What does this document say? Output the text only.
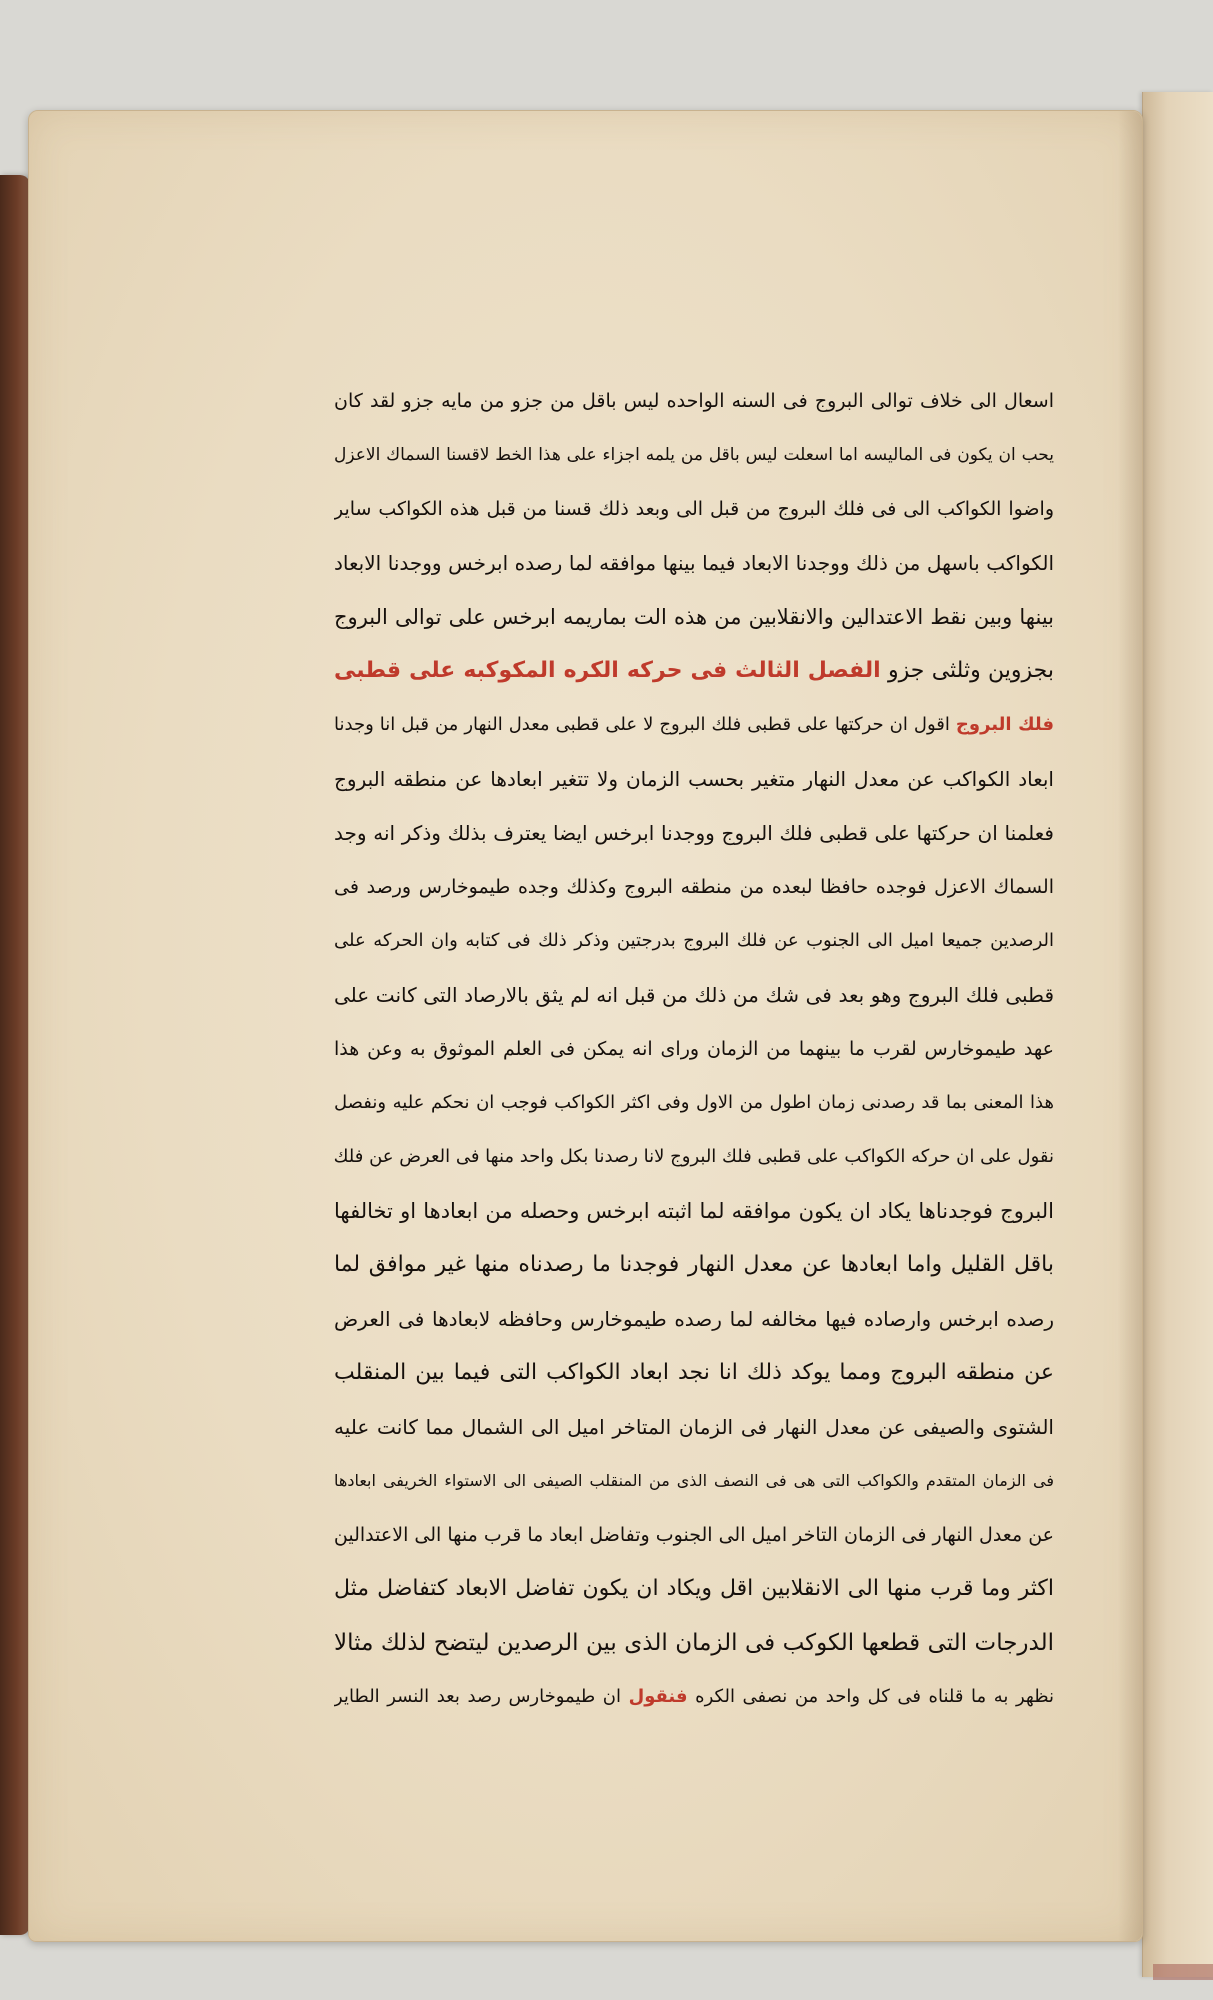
اسعال الى خلاف توالى البروج فى السنه الواحده ليس باقل من جزو من مايه جزو لقد كان

يحب ان يكون فى الماليسه اما اسعلت ليس باقل من يلمه اجزاء على هذا الخط لاقسنا السماك الاعزل

واضوا الكواكب الى فى فلك البروج من قبل الى وبعد ذلك قسنا من قبل هذه الكواكب ساير

الكواكب باسهل من ذلك ووجدنا الابعاد فيما بينها موافقه لما رصده ابرخس ووجدنا الابعاد

بينها وبين نقط الاعتدالين والانقلابين من هذه الت بماريمه ابرخس على توالى البروج

بجزوين وثلثى جزو الفصل الثالث فى حركه الكره المكوكبه على قطبى

فلك البروج اقول ان حركتها على قطبى فلك البروج لا على قطبى معدل النهار من قبل انا وجدنا

ابعاد الكواكب عن معدل النهار متغير بحسب الزمان ولا تتغير ابعادها عن منطقه البروج

فعلمنا ان حركتها على قطبى فلك البروج ووجدنا ابرخس ايضا يعترف بذلك وذكر انه وجد

السماك الاعزل فوجده حافظا لبعده من منطقه البروج وكذلك وجده طيموخارس ورصد فى

الرصدين جميعا اميل الى الجنوب عن فلك البروج بدرجتين وذكر ذلك فى كتابه وان الحركه على

قطبى فلك البروج وهو بعد فى شك من ذلك من قبل انه لم يثق بالارصاد التى كانت على

عهد طيموخارس لقرب ما بينهما من الزمان وراى انه يمكن فى العلم الموثوق به وعن هذا

هذا المعنى بما قد رصدنى زمان اطول من الاول وفى اكثر الكواكب فوجب ان نحكم عليه ونفصل

نقول على ان حركه الكواكب على قطبى فلك البروج لانا رصدنا بكل واحد منها فى العرض عن فلك

البروج فوجدناها يكاد ان يكون موافقه لما اثبته ابرخس وحصله من ابعادها او تخالفها

باقل القليل واما ابعادها عن معدل النهار فوجدنا ما رصدناه منها غير موافق لما

رصده ابرخس وارصاده فيها مخالفه لما رصده طيموخارس وحافظه لابعادها فى العرض

عن منطقه البروج ومما يوكد ذلك انا نجد ابعاد الكواكب التى فيما بين المنقلب

الشتوى والصيفى عن معدل النهار فى الزمان المتاخر اميل الى الشمال مما كانت عليه

فى الزمان المتقدم والكواكب التى هى فى النصف الذى من المنقلب الصيفى الى الاستواء الخريفى ابعادها

عن معدل النهار فى الزمان التاخر اميل الى الجنوب وتفاضل ابعاد ما قرب منها الى الاعتدالين

اكثر وما قرب منها الى الانقلابين اقل ويكاد ان يكون تفاضل الابعاد كتفاضل مثل

الدرجات التى قطعها الكوكب فى الزمان الذى بين الرصدين ليتضح لذلك مثالا

نظهر به ما قلناه فى كل واحد من نصفى الكره فنقول ان طيموخارس رصد بعد النسر الطاير
